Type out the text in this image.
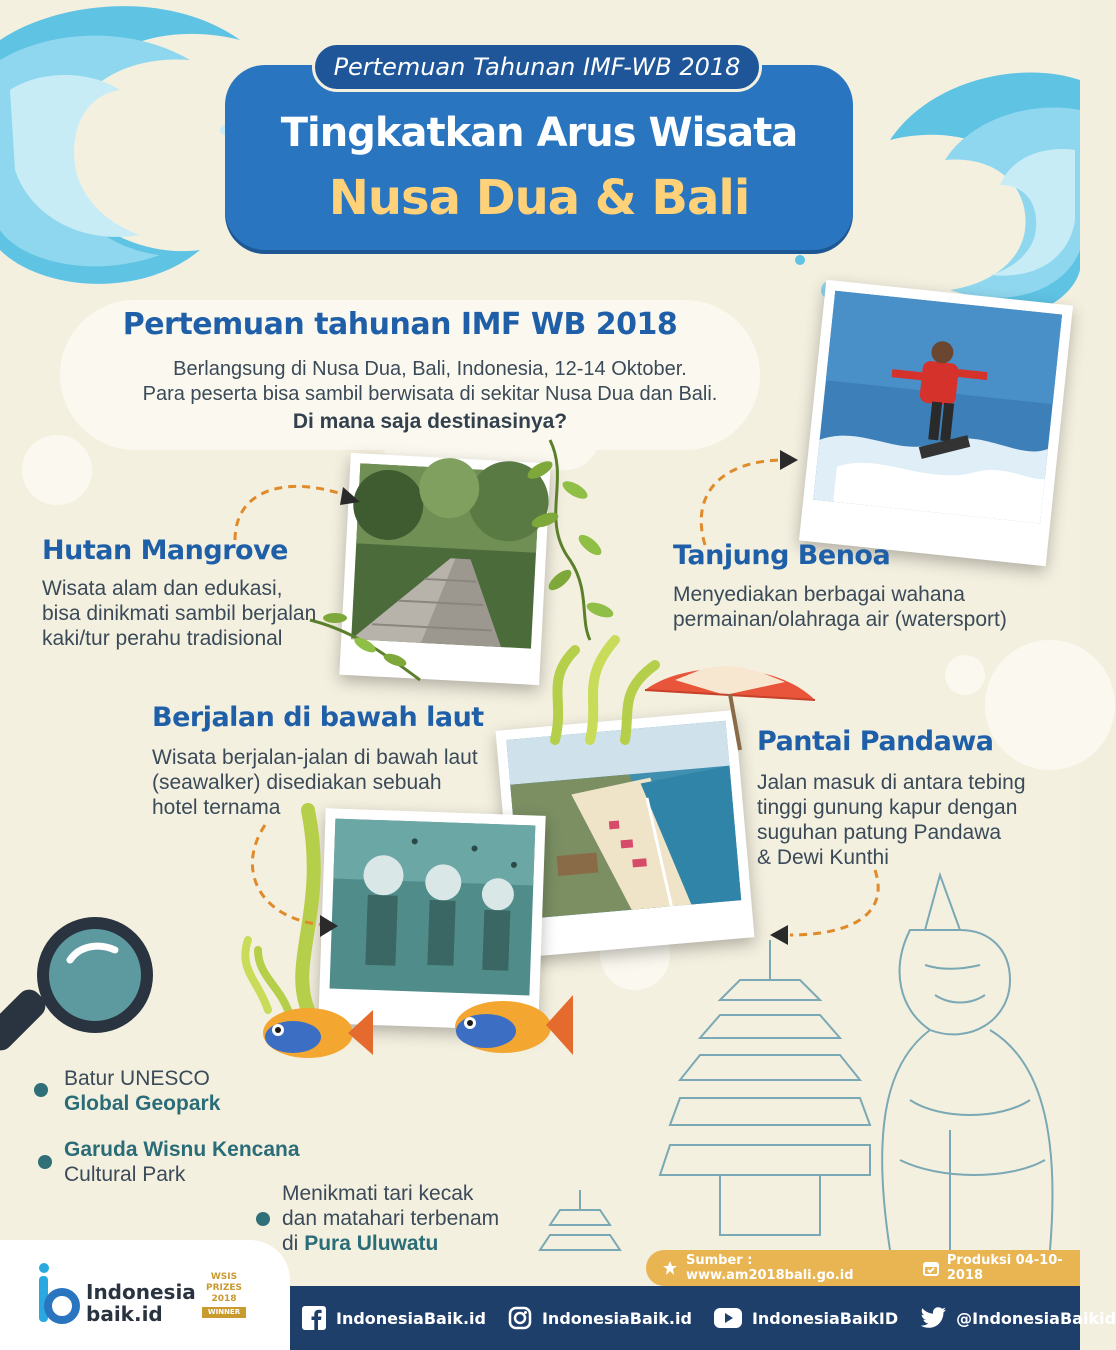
Pertemuan Tahunan IMF-WB 2018
Tingkatkan Arus Wisata
Nusa Dua & Bali
Pertemuan tahunan IMF WB 2018
Berlangsung di Nusa Dua, Bali, Indonesia, 12-14 Oktober.
Para peserta bisa sambil berwisata di sekitar Nusa Dua dan Bali.
Di mana saja destinasinya?
Hutan Mangrove
Wisata alam dan edukasi,
bisa dinikmati sambil berjalan
kaki/tur perahu tradisional
Tanjung Benoa
Menyediakan berbagai wahana
permainan/olahraga air (watersport)
Berjalan di bawah laut
Wisata berjalan-jalan di bawah laut
(seawalker) disediakan sebuah
hotel ternama
Pantai Pandawa
Jalan masuk di antara tebing
tinggi gunung kapur dengan
suguhan patung Pandawa
& Dewi Kunthi
Batur UNESCO
Global Geopark
Garuda Wisnu Kencana
Cultural Park
Menikmati tari kecak
dan matahari terbenam
di Pura Uluwatu
Sumber : www.am2018bali.go.id
Produksi 04-10-2018
Indonesia
baik.id
WSIS
PRIZES
2018
WINNER	IndonesiaBaik.id	IndonesiaBaik.id	IndonesiaBaikID	@IndonesiaBaikid
